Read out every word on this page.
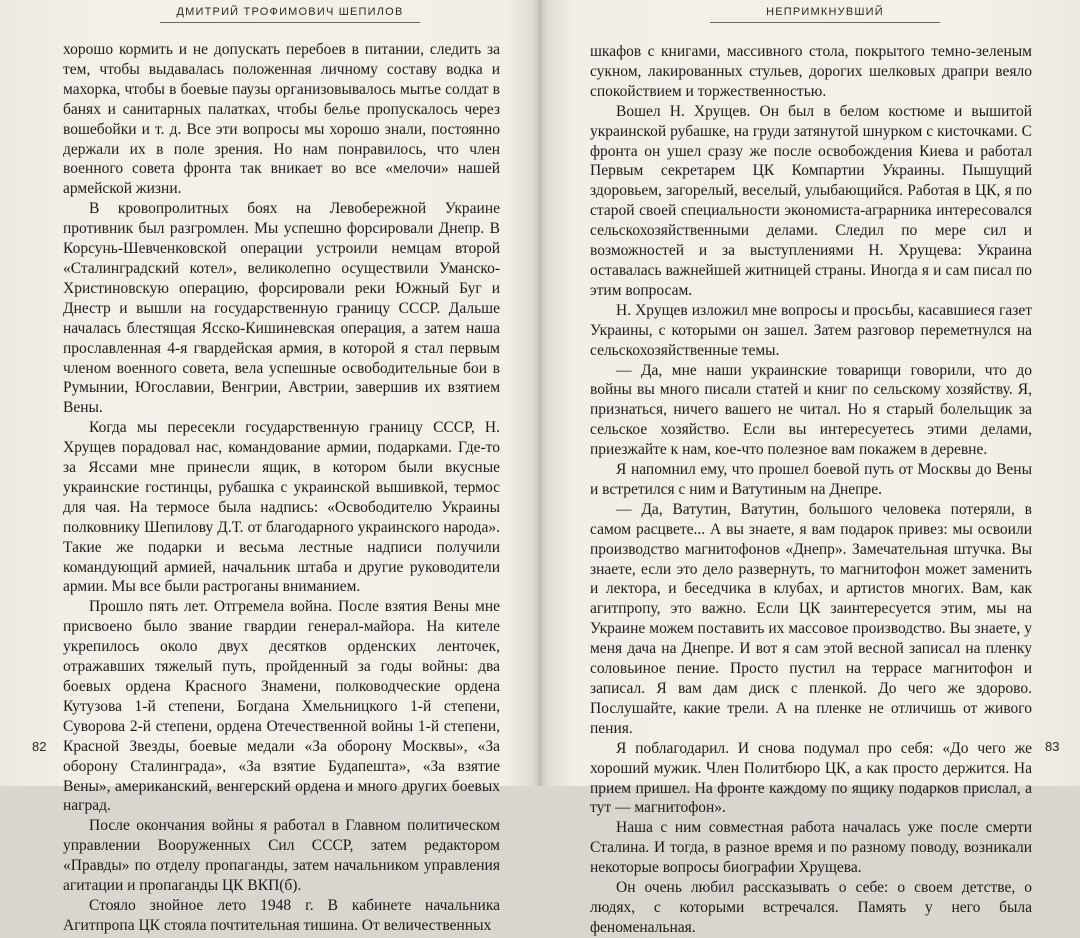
ДМИТРИЙ ТРОФИМОВИЧ ШЕПИЛОВ

хорошо кормить и не допускать перебоев в питании, следить за тем, чтобы выдавалась положенная личному составу водка и махорка, чтобы в боевые паузы организовывалось мытье солдат в банях и санитарных палатках, чтобы белье пропускалось через вошебойки и т. д. Все эти вопросы мы хорошо знали, постоянно держали их в поле зрения. Но нам понравилось, что член военного совета фронта так вникает во все «мелочи» нашей армейской жизни.

В кровопролитных боях на Левобережной Украине противник был разгромлен. Мы успешно форсировали Днепр. В Корсунь-Шевченковской операции устроили немцам второй «Сталинградский котел», великолепно осуществили Уманско-Христиновскую операцию, форсировали реки Южный Буг и Днестр и вышли на государственную границу СССР. Дальше началась блестящая Ясско-Кишиневская операция, а затем наша прославленная 4-я гвардейская армия, в которой я стал первым членом военного совета, вела успешные освободительные бои в Румынии, Югославии, Венгрии, Австрии, завершив их взятием Вены.

Когда мы пересекли государственную границу СССР, Н. Хрущев порадовал нас, командование армии, подарками. Где-то за Яссами мне принесли ящик, в котором были вкусные украинские гостинцы, рубашка с украинской вышивкой, термос для чая. На термосе была надпись: «Освободителю Украины полковнику Шепилову Д.Т. от благодарного украинского народа». Такие же подарки и весьма лестные надписи получили командующий армией, начальник штаба и другие руководители армии. Мы все были растроганы вниманием.

Прошло пять лет. Отгремела война. После взятия Вены мне присвоено было звание гвардии генерал-майора. На кителе укрепилось около двух десятков орденских ленточек, отражавших тяжелый путь, пройденный за годы войны: два боевых ордена Красного Знамени, полководческие ордена Кутузова 1-й степени, Богдана Хмельницкого 1-й степени, Суворова 2-й степени, ордена Отечественной войны 1-й степени, Красной Звезды, боевые медали «За оборону Москвы», «За оборону Сталинграда», «За взятие Будапешта», «За взятие Вены», американский, венгерский ордена и много других боевых наград.

После окончания войны я работал в Главном политическом управлении Вооруженных Сил СССР, затем редактором «Правды» по отделу пропаганды, затем начальником управления агитации и пропаганды ЦК ВКП(б).

Стояло знойное лето 1948 г. В кабинете начальника Агитпропа ЦК стояла почтительная тишина. От величественных

82
НЕПРИМКНУВШИЙ

шкафов с книгами, массивного стола, покрытого темно-зеленым сукном, лакированных стульев, дорогих шелковых драпри веяло спокойствием и торжественностью.

Вошел Н. Хрущев. Он был в белом костюме и вышитой украинской рубашке, на груди затянутой шнурком с кисточками. С фронта он ушел сразу же после освобождения Киева и работал Первым секретарем ЦК Компартии Украины. Пышущий здоровьем, загорелый, веселый, улыбающийся. Работая в ЦК, я по старой своей специальности экономиста-аграрника интересовался сельскохозяйственными делами. Следил по мере сил и возможностей и за выступлениями Н. Хрущева: Украина оставалась важнейшей житницей страны. Иногда я и сам писал по этим вопросам.

Н. Хрущев изложил мне вопросы и просьбы, касавшиеся газет Украины, с которыми он зашел. Затем разговор переметнулся на сельскохозяйственные темы.

— Да, мне наши украинские товарищи говорили, что до войны вы много писали статей и книг по сельскому хозяйству. Я, признаться, ничего вашего не читал. Но я старый болельщик за сельское хозяйство. Если вы интересуетесь этими делами, приезжайте к нам, кое-что полезное вам покажем в деревне.

Я напомнил ему, что прошел боевой путь от Москвы до Вены и встретился с ним и Ватутиным на Днепре.

— Да, Ватутин, Ватутин, большого человека потеряли, в самом расцвете... А вы знаете, я вам подарок привез: мы освоили производство магнитофонов «Днепр». Замечательная штучка. Вы знаете, если это дело развернуть, то магнитофон может заменить и лектора, и беседчика в клубах, и артистов многих. Вам, как агитпропу, это важно. Если ЦК заинтересуется этим, мы на Украине можем поставить их массовое производство. Вы знаете, у меня дача на Днепре. И вот я сам этой весной записал на пленку соловьиное пение. Просто пустил на террасе магнитофон и записал. Я вам дам диск с пленкой. До чего же здорово. Послушайте, какие трели. А на пленке не отличишь от живого пения.

Я поблагодарил. И снова подумал про себя: «До чего же хороший мужик. Член Политбюро ЦК, а как просто держится. На прием пришел. На фронте каждому по ящику подарков прислал, а тут — магнитофон».

Наша с ним совместная работа началась уже после смерти Сталина. И тогда, в разное время и по разному поводу, возникали некоторые вопросы биографии Хрущева.

Он очень любил рассказывать о себе: о своем детстве, о людях, с которыми встречался. Память у него была феноменальная.

83
